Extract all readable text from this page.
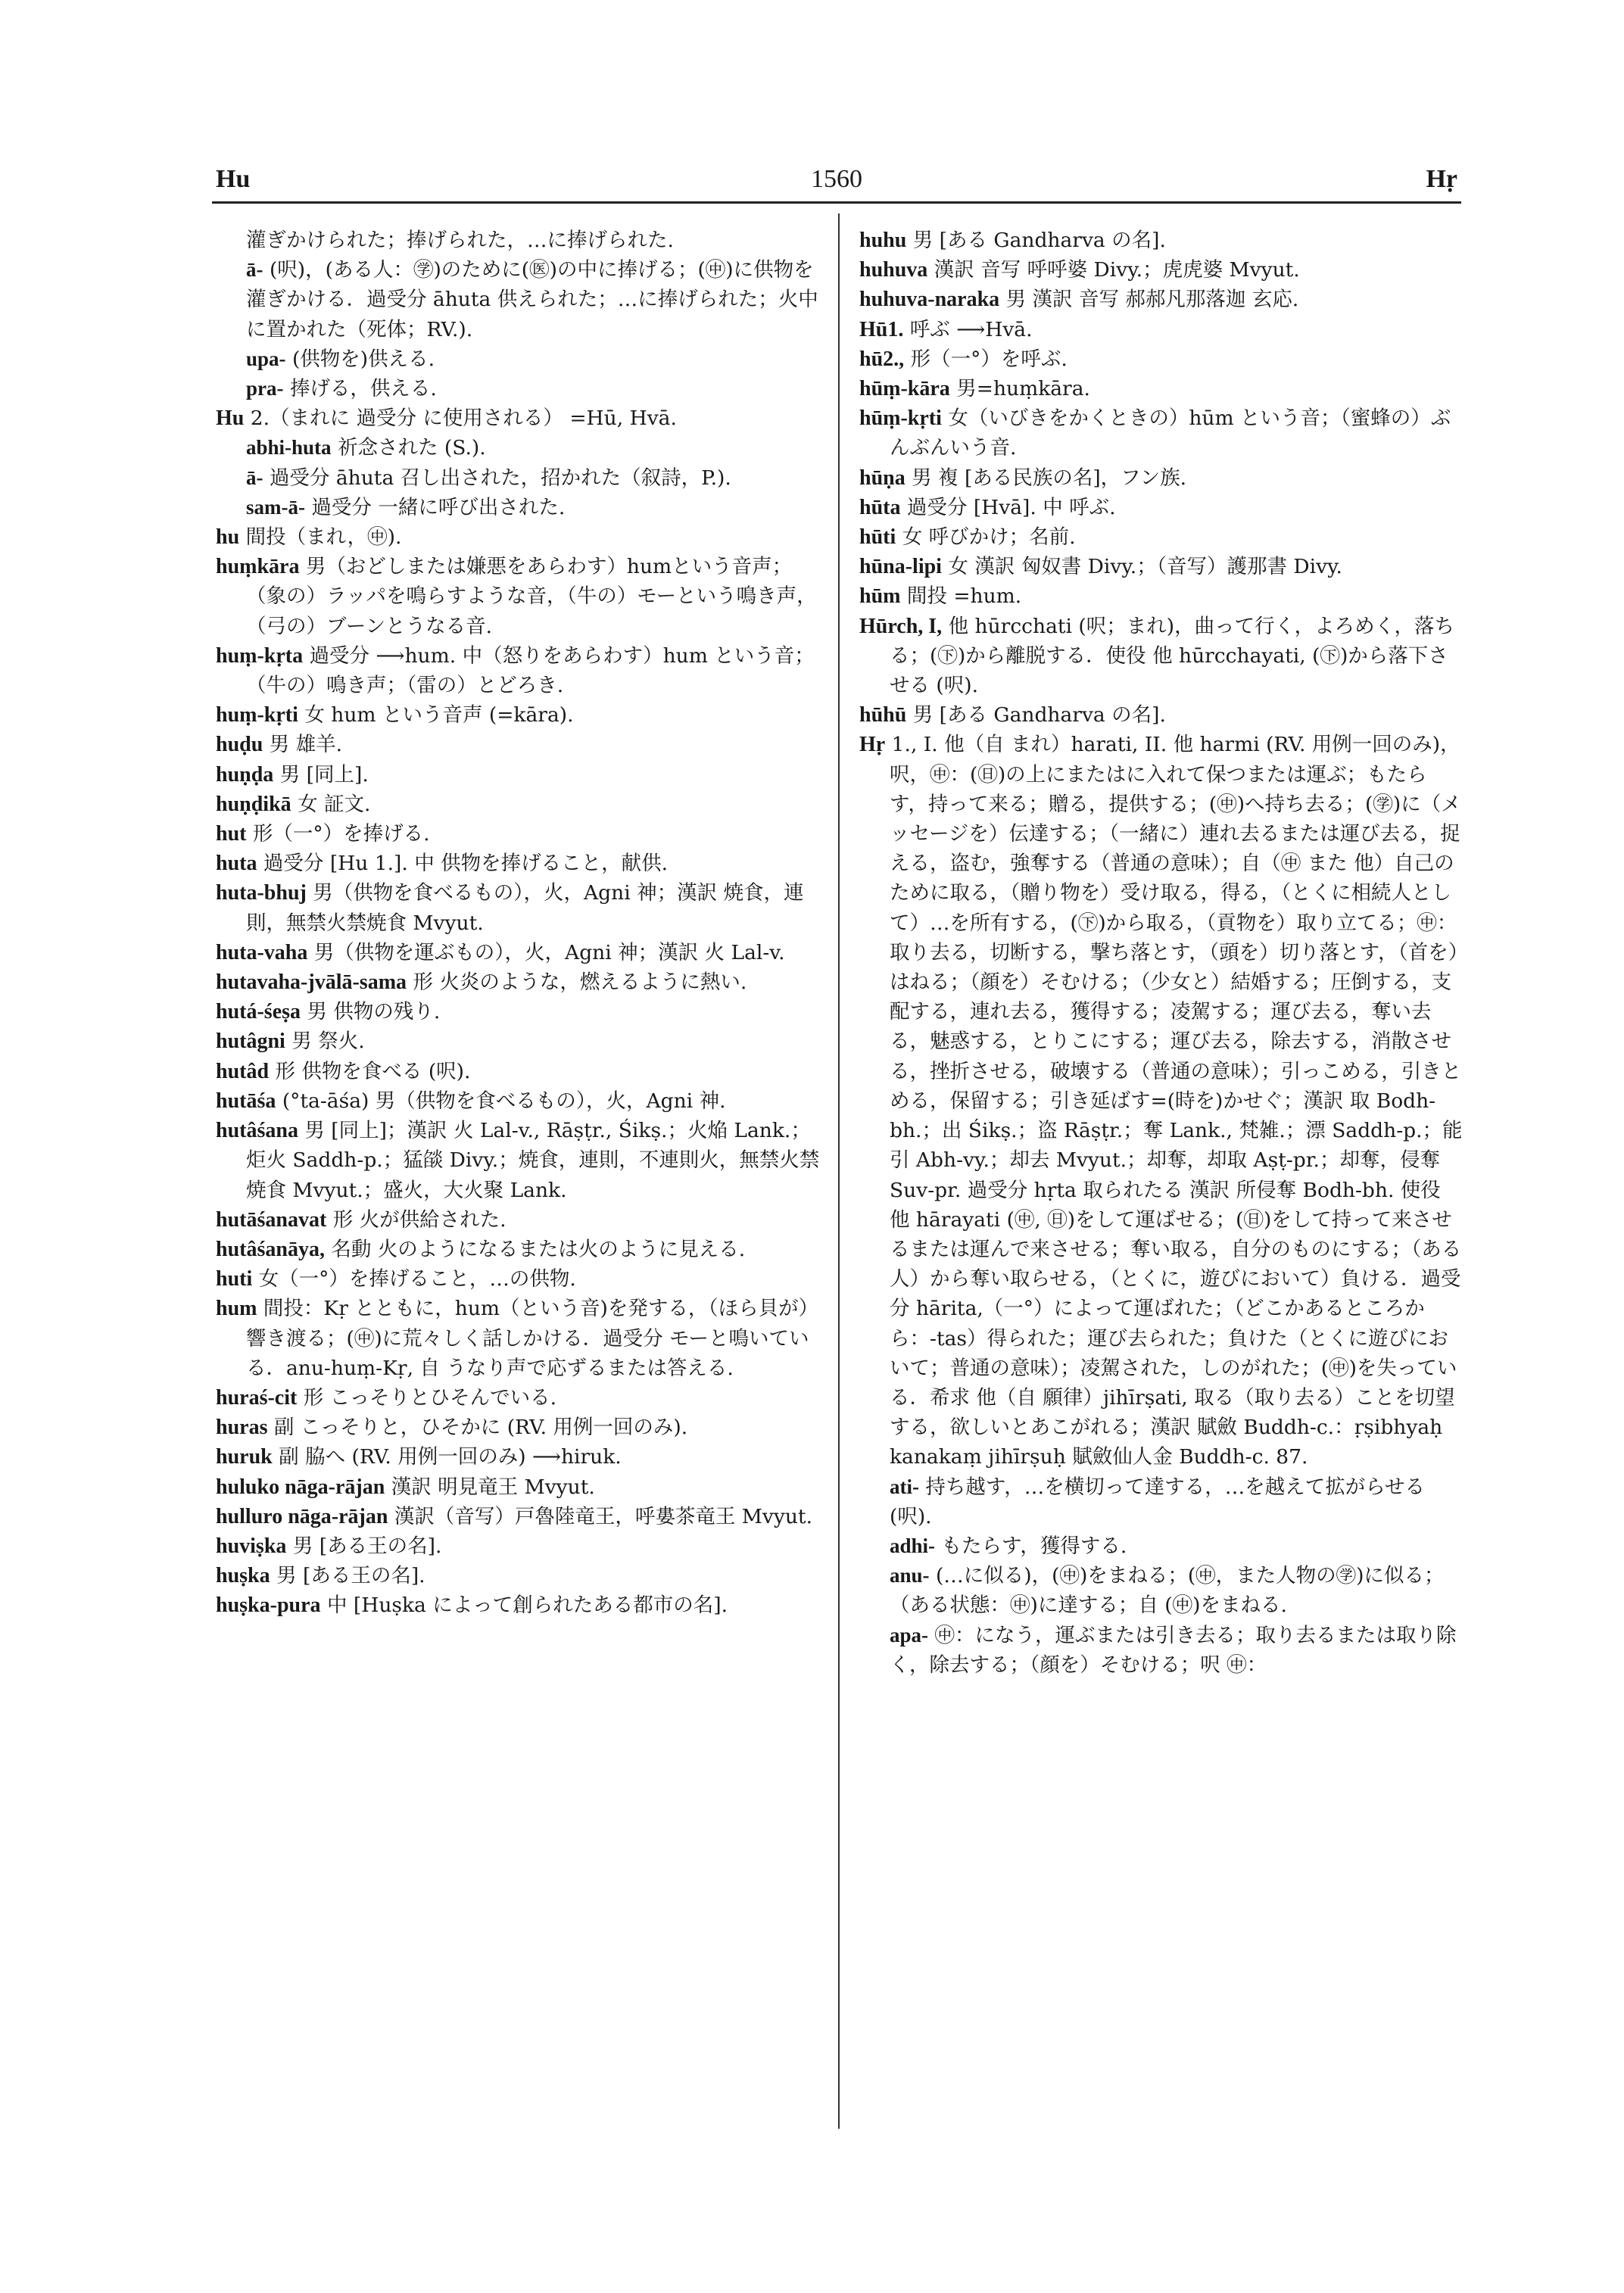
Hu	1560	Hṛ

灌ぎかけられた；捧げられた，…に捧げられた.

ā- (呎)，(ある人：㊫)のために(㊩)の中に捧げる；(㊥)に供物を灌ぎかける．過受分 āhuta 供えられた；…に捧げられた；火中に置かれた（死体；RV.).

upa- (供物を)供える.

pra- 捧げる，供える.

Hu 2.（まれに 過受分 に使用される） =Hū, Hvā.

abhi-huta 祈念された (S.).

ā- 過受分 āhuta 召し出された，招かれた（叙詩，P.).

sam-ā- 過受分 一緒に呼び出された.

hu 間投（まれ，㊥).

huṃkāra 男（おどしまたは嫌悪をあらわす）humという音声；（象の）ラッパを鳴らすような音，（牛の）モーという鳴き声，（弓の）ブーンとうなる音.

huṃ-kṛta 過受分 ⟶hum. 中（怒りをあらわす）hum という音；（牛の）鳴き声；（雷の）とどろき.

huṃ-kṛti 女 hum という音声 (=kāra).

huḍu 男 雄羊.

huṇḍa 男 [同上].

huṇḍikā 女 証文.

hut 形（一°）を捧げる.

huta 過受分 [Hu 1.]. 中 供物を捧げること，献供.

huta-bhuj 男（供物を食べるもの），火，Agni 神；漢訳 焼食，連則，無禁火禁焼食 Mvyut.

huta-vaha 男（供物を運ぶもの），火，Agni 神；漢訳 火 Lal-v.

hutavaha-jvālā-sama 形 火炎のような，燃えるように熱い.

hutá-śeṣa 男 供物の残り.

hutâgni 男 祭火.

hutâd 形 供物を食べる (呎).

hutāśa (°ta-āśa) 男（供物を食べるもの），火，Agni 神.

hutâśana 男 [同上]；漢訳 火 Lal-v., Rāṣṭr., Śikṣ.；火焔 Lank.；炬火 Saddh-p.；猛燄 Divy.；焼食，連則，不連則火，無禁火禁焼食 Mvyut.；盛火，大火聚 Lank.

hutāśanavat 形 火が供給された.

hutâśanāya, 名動 火のようになるまたは火のように見える.

huti 女（一°）を捧げること，…の供物.

hum 間投：Kṛ とともに，hum（という音)を発する，（ほら貝が）響き渡る；(㊥)に荒々しく話しかける．過受分 モーと鳴いている．anu-huṃ-Kṛ, 自 うなり声で応ずるまたは答える.

huraś-cit 形 こっそりとひそんでいる.

huras 副 こっそりと，ひそかに (RV. 用例一回のみ).

huruk 副 脇へ (RV. 用例一回のみ) ⟶hiruk.

huluko nāga-rājan 漢訳 明見竜王 Mvyut.

hulluro nāga-rājan 漢訳（音写）戸魯陸竜王，呼婁茶竜王 Mvyut.

huviṣka 男 [ある王の名].

huṣka 男 [ある王の名].

huṣka-pura 中 [Huṣka によって創られたある都市の名].

huhu 男 [ある Gandharva の名].

huhuva 漢訳 音写 呼呼婆 Divy.；虎虎婆 Mvyut.

huhuva-naraka 男 漢訳 音写 郝郝凡那落迦 玄応.

Hū1. 呼ぶ ⟶Hvā.

hū2., 形（一°）を呼ぶ.

hūṃ-kāra 男=huṃkāra.

hūṃ-kṛti 女（いびきをかくときの）hūm という音；（蜜蜂の）ぶんぶんいう音.

hūṇa 男 複 [ある民族の名]，フン族.

hūta 過受分 [Hvā]. 中 呼ぶ.

hūti 女 呼びかけ；名前.

hūna-lipi 女 漢訳 匈奴書 Divy.；（音写）護那書 Divy.

hūm 間投 =hum.

Hūrch, I, 他 hūrcchati (呎；まれ)，曲って行く，よろめく，落ちる；(㊦)から離脱する．使役 他 hūrcchayati, (㊦)から落下させる (呎).

hūhū 男 [ある Gandharva の名].

Hṛ 1., I. 他（自 まれ）harati, II. 他 harmi (RV. 用例一回のみ)，呎，㊥：(㊐)の上にまたはに入れて保つまたは運ぶ；もたらす，持って来る；贈る，提供する；(㊥)へ持ち去る；(㊫)に（メッセージを）伝達する；（一緒に）連れ去るまたは運び去る，捉える，盗む，強奪する（普通の意味）；自（㊥ また 他）自己のために取る，（贈り物を）受け取る，得る，（とくに相続人として）…を所有する，(㊦)から取る，（貢物を）取り立てる；㊥：取り去る，切断する，撃ち落とす，（頭を）切り落とす，（首を）はねる；（顔を）そむける；（少女と）結婚する；圧倒する，支配する，連れ去る，獲得する；凌駕する；運び去る，奪い去る，魅惑する，とりこにする；運び去る，除去する，消散させる，挫折させる，破壊する（普通の意味）；引っこめる，引きとめる，保留する；引き延ばす=(時を)かせぐ；漢訳 取 Bodh-bh.；出 Śikṣ.；盗 Rāṣṭr.；奪 Lank., 梵雑.；漂 Saddh-p.；能引 Abh-vy.；却去 Mvyut.；却奪，却取 Aṣṭ-pr.；却奪，侵奪 Suv-pr. 過受分 hṛta 取られたる 漢訳 所侵奪 Bodh-bh. 使役 他 hārayati (㊥, ㊐)をして運ばせる；(㊐)をして持って来させるまたは運んで来させる；奪い取る，自分のものにする；（ある人）から奪い取らせる，（とくに，遊びにおいて）負ける．過受分 hārita,（一°）によって運ばれた；（どこかあるところから：-tas）得られた；運び去られた；負けた（とくに遊びにおいて；普通の意味）；凌駕された，しのがれた；(㊥)を失っている．希求 他（自 願律）jihīrṣati, 取る（取り去る）ことを切望する，欲しいとあこがれる；漢訳 賦斂 Buddh-c.：ṛṣibhyaḥ kanakaṃ jihīrṣuḥ 賦斂仙人金 Buddh-c. 87.

ati- 持ち越す，…を横切って達する，…を越えて拡がらせる (呎).

adhi- もたらす，獲得する.

anu- (…に似る)，(㊥)をまねる；(㊥，また人物の㊫)に似る；（ある状態：㊥)に達する；自 (㊥)をまねる.

apa- ㊥：になう，運ぶまたは引き去る；取り去るまたは取り除く，除去する；（顔を）そむける；呎 ㊥：
